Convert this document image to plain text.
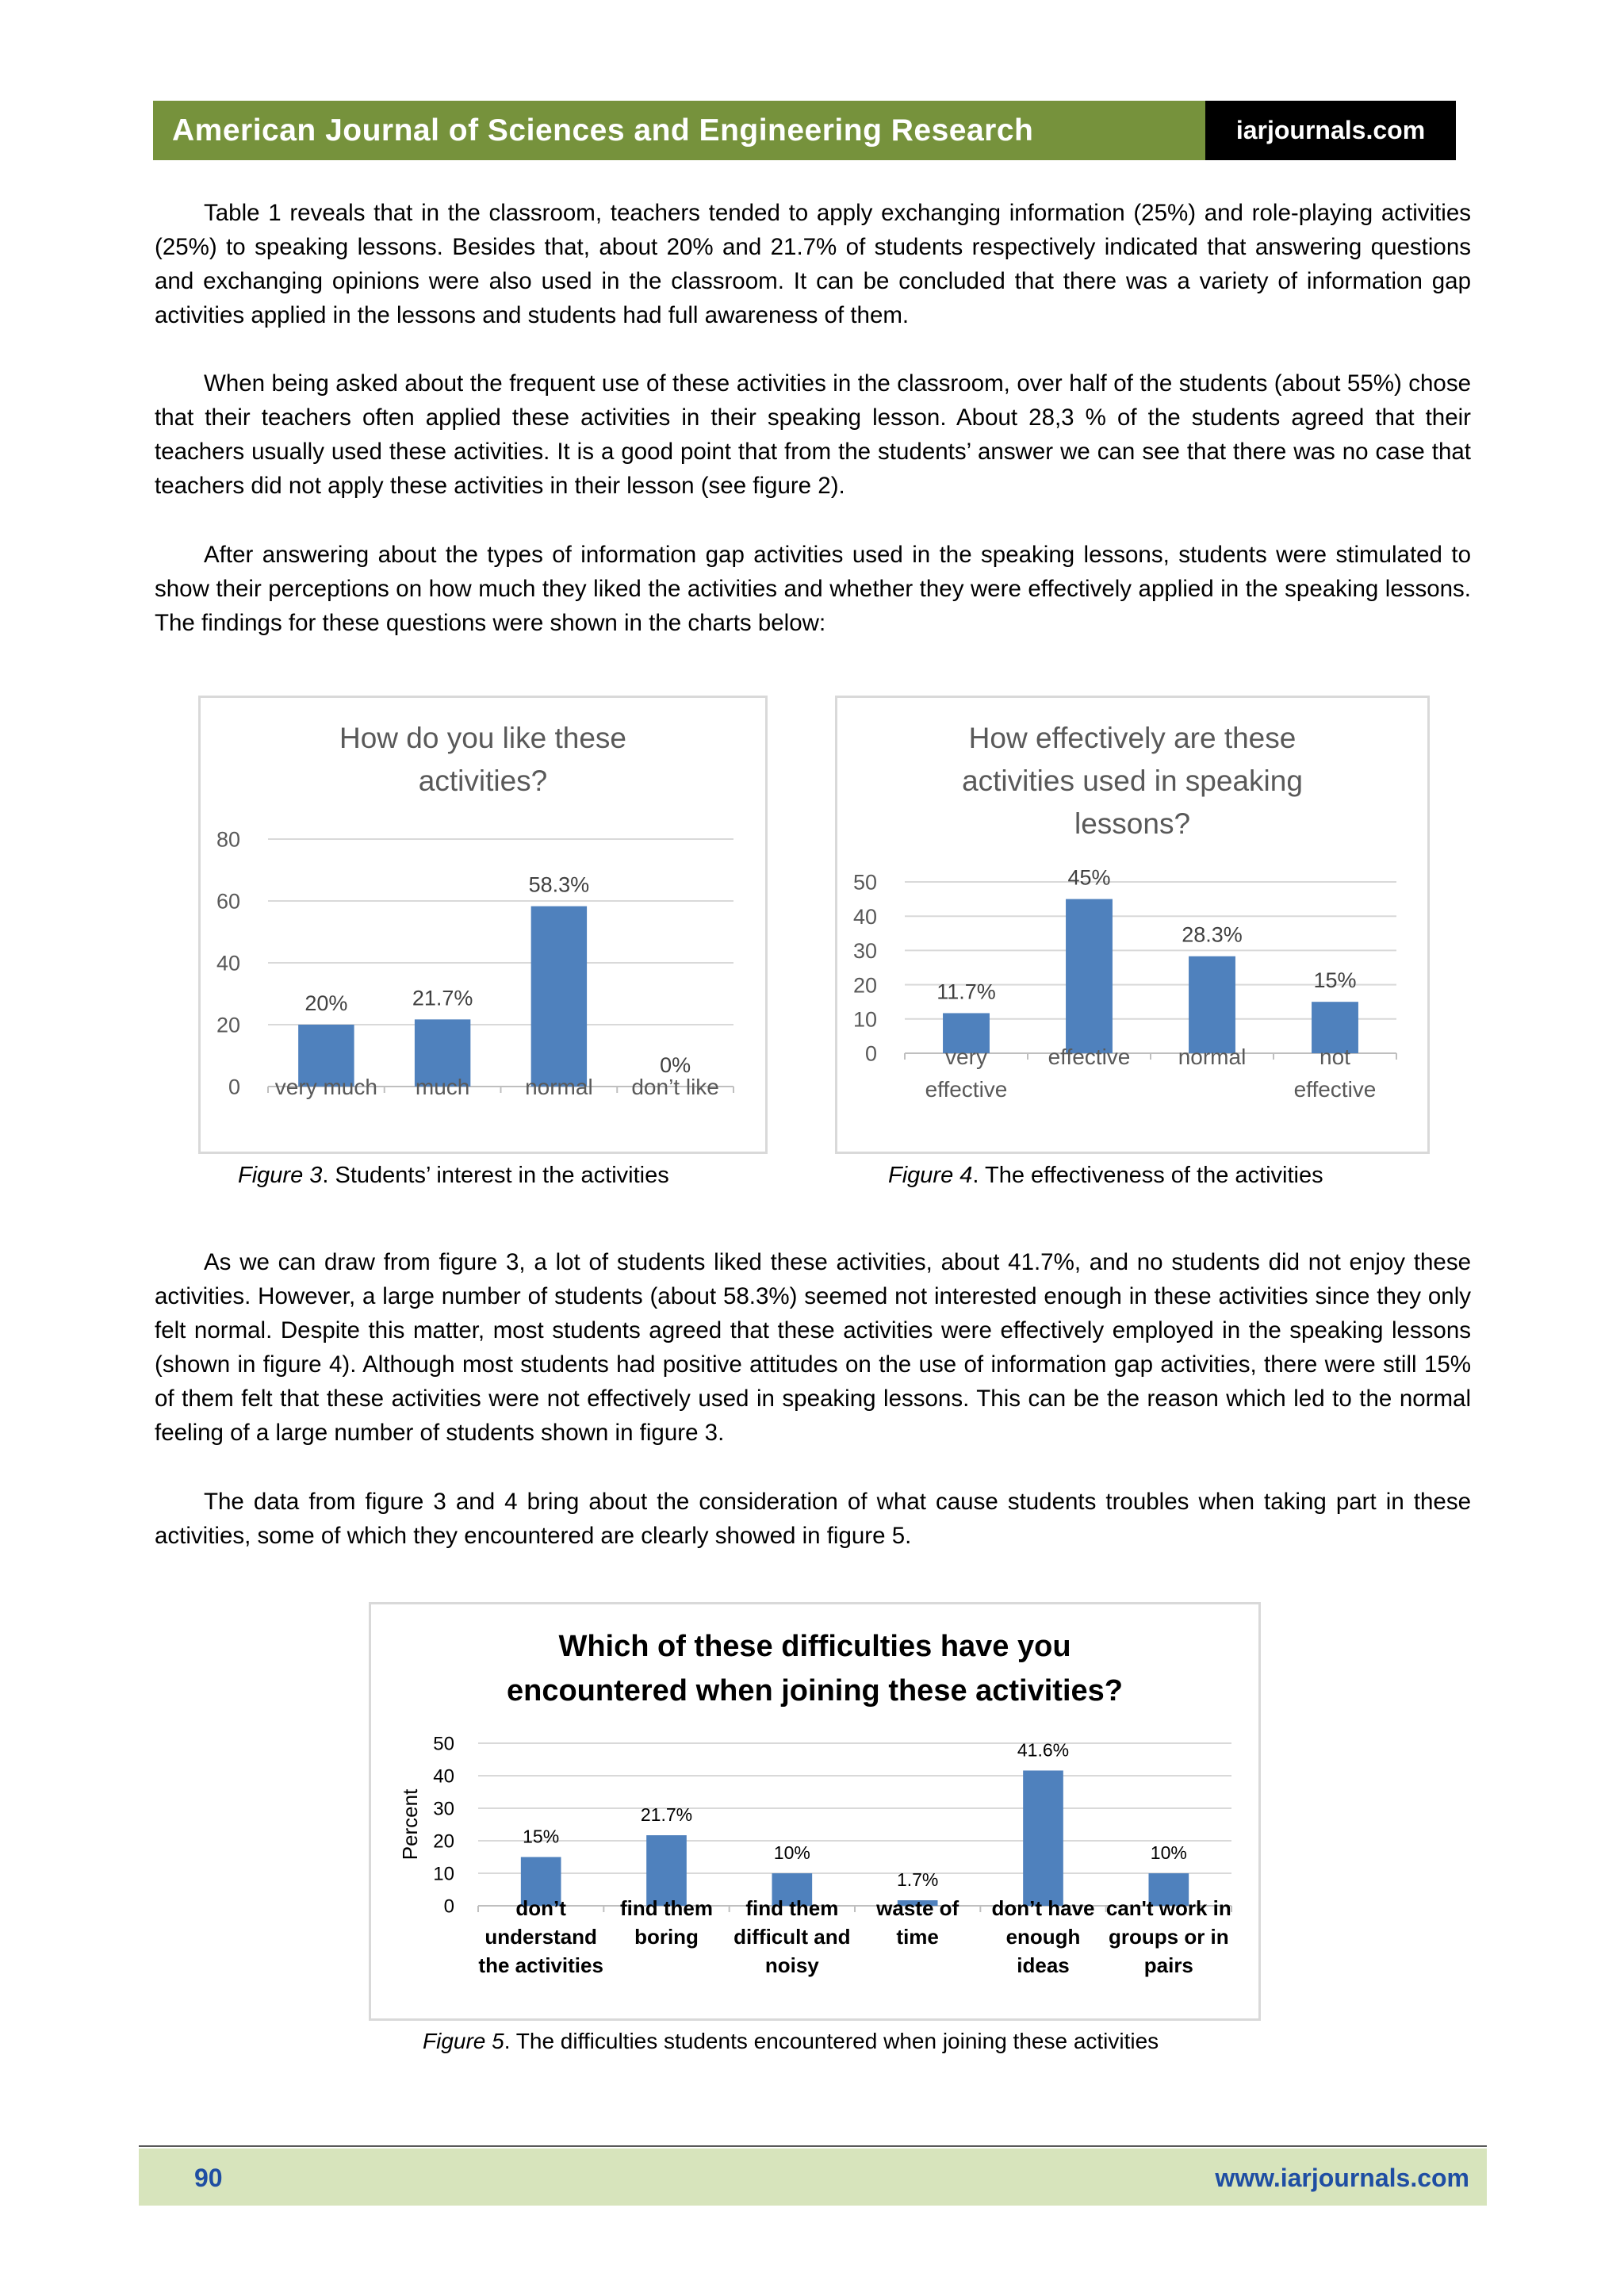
American Journal of Sciences and Engineering Research	iarjournals.com

Table 1 reveals that in the classroom, teachers tended to apply exchanging information (25%) and role-playing activities (25%) to speaking lessons. Besides that, about 20% and 21.7% of students respectively indicated that answering questions and exchanging opinions were also used in the classroom. It can be concluded that there was a variety of information gap activities applied in the lessons and students had full awareness of them.

When being asked about the frequent use of these activities in the classroom, over half of the students (about 55%) chose that their teachers often applied these activities in their speaking lesson. About 28,3 % of the students agreed that their teachers usually used these activities. It is a good point that from the students’ answer we can see that there was no case that teachers did not apply these activities in their lesson (see figure 2).

After answering about the types of information gap activities used in the speaking lessons, students were stimulated to show their perceptions on how much they liked the activities and whether they were effectively applied in the speaking lessons. The findings for these questions were shown in the charts below:

How do you like these activities?
0
20
40
60
80
20%
very much
21.7%
much
58.3%
normal
0%
don’t like
Figure 3. Students’ interest in the activities
How effectively are these activities used in speaking lessons?
0
10
20
30
40
50
11.7%
very
effective
45%
effective
28.3%
normal
15%
not
effective
Figure 4. The effectiveness of the activities

As we can draw from figure 3, a lot of students liked these activities, about 41.7%, and no students did not enjoy these activities. However, a large number of students (about 58.3%) seemed not interested enough in these activities since they only felt normal. Despite this matter, most students agreed that these activities were effectively employed in the speaking lessons (shown in figure 4). Although most students had positive attitudes on the use of information gap activities, there were still 15% of them felt that these activities were not effectively used in speaking lessons. This can be the reason which led to the normal feeling of a large number of students shown in figure 3.

The data from figure 3 and 4 bring about the consideration of what cause students troubles when taking part in these activities, some of which they encountered are clearly showed in figure 5.

Which of these difficulties have you encountered when joining these activities?
0
10
20
30
40
50
Percent	15%
don’t
understand
the activities
21.7%
find them
boring
10%
find them
difficult and
noisy
1.7%
waste of
time
41.6%
don’t have
enough
ideas
10%
can't work in
groups or in
pairs
Figure 5. The difficulties students encountered when joining these activities
90	www.iarjournals.com
